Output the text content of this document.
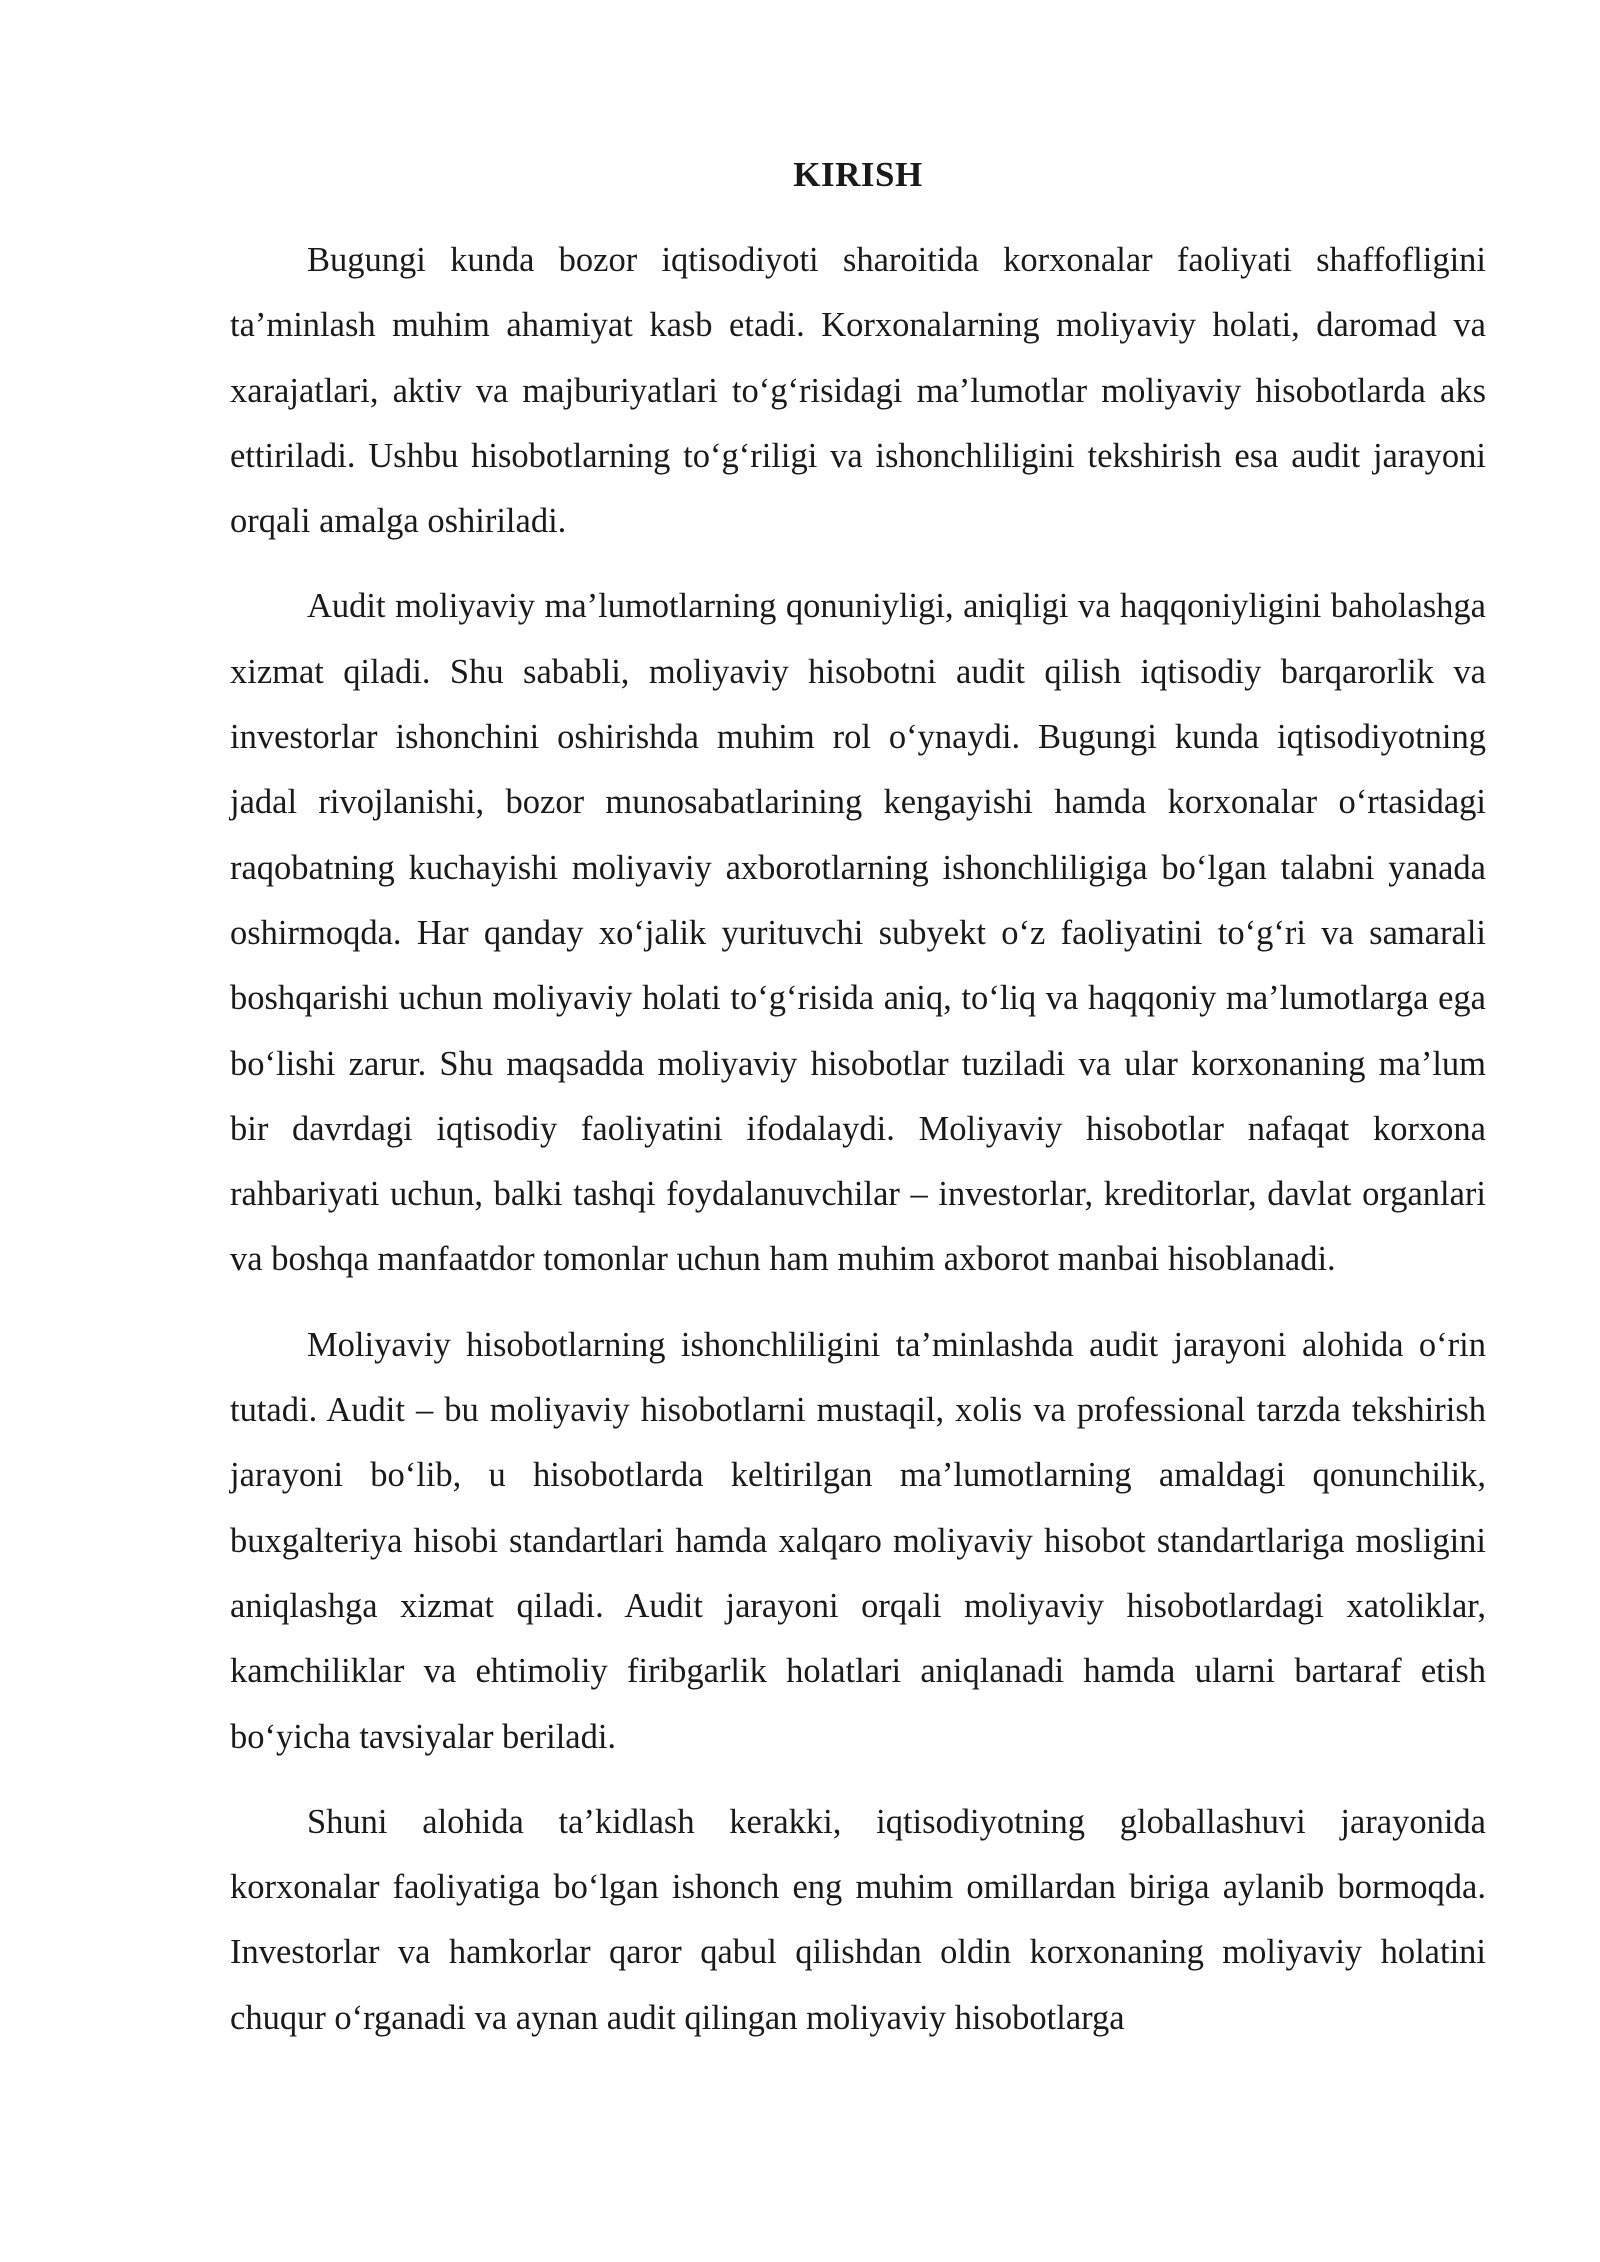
KIRISH

Bugungi kunda bozor iqtisodiyoti sharoitida korxonalar faoliyati shaffofligini ta’minlash muhim ahamiyat kasb etadi. Korxonalarning moliyaviy holati, daromad va xarajatlari, aktiv va majburiyatlari to‘g‘risidagi ma’lumotlar moliyaviy hisobotlarda aks ettiriladi. Ushbu hisobotlarning to‘g‘riligi va ishonchliligini tekshirish esa audit jarayoni orqali amalga oshiriladi.

Audit moliyaviy ma’lumotlarning qonuniyligi, aniqligi va haqqoniyligini baholashga xizmat qiladi. Shu sababli, moliyaviy hisobotni audit qilish iqtisodiy barqarorlik va investorlar ishonchini oshirishda muhim rol o‘ynaydi. Bugungi kunda iqtisodiyotning jadal rivojlanishi, bozor munosabatlarining kengayishi hamda korxonalar o‘rtasidagi raqobatning kuchayishi moliyaviy axborotlarning ishonchliligiga bo‘lgan talabni yanada oshirmoqda. Har qanday xo‘jalik yurituvchi subyekt o‘z faoliyatini to‘g‘ri va samarali boshqarishi uchun moliyaviy holati to‘g‘risida aniq, to‘liq va haqqoniy ma’lumotlarga ega bo‘lishi zarur. Shu maqsadda moliyaviy hisobotlar tuziladi va ular korxonaning ma’lum bir davrdagi iqtisodiy faoliyatini ifodalaydi. Moliyaviy hisobotlar nafaqat korxona rahbariyati uchun, balki tashqi foydalanuvchilar – investorlar, kreditorlar, davlat organlari va boshqa manfaatdor tomonlar uchun ham muhim axborot manbai hisoblanadi.

Moliyaviy hisobotlarning ishonchliligini ta’minlashda audit jarayoni alohida o‘rin tutadi. Audit – bu moliyaviy hisobotlarni mustaqil, xolis va professional tarzda tekshirish jarayoni bo‘lib, u hisobotlarda keltirilgan ma’lumotlarning amaldagi qonunchilik, buxgalteriya hisobi standartlari hamda xalqaro moliyaviy hisobot standartlariga mosligini aniqlashga xizmat qiladi. Audit jarayoni orqali moliyaviy hisobotlardagi xatoliklar, kamchiliklar va ehtimoliy firibgarlik holatlari aniqlanadi hamda ularni bartaraf etish bo‘yicha tavsiyalar beriladi.

Shuni alohida ta’kidlash kerakki, iqtisodiyotning globallashuvi jarayonida korxonalar faoliyatiga bo‘lgan ishonch eng muhim omillardan biriga aylanib bormoqda. Investorlar va hamkorlar qaror qabul qilishdan oldin korxonaning moliyaviy holatini chuqur o‘rganadi va aynan audit qilingan moliyaviy hisobotlarga
